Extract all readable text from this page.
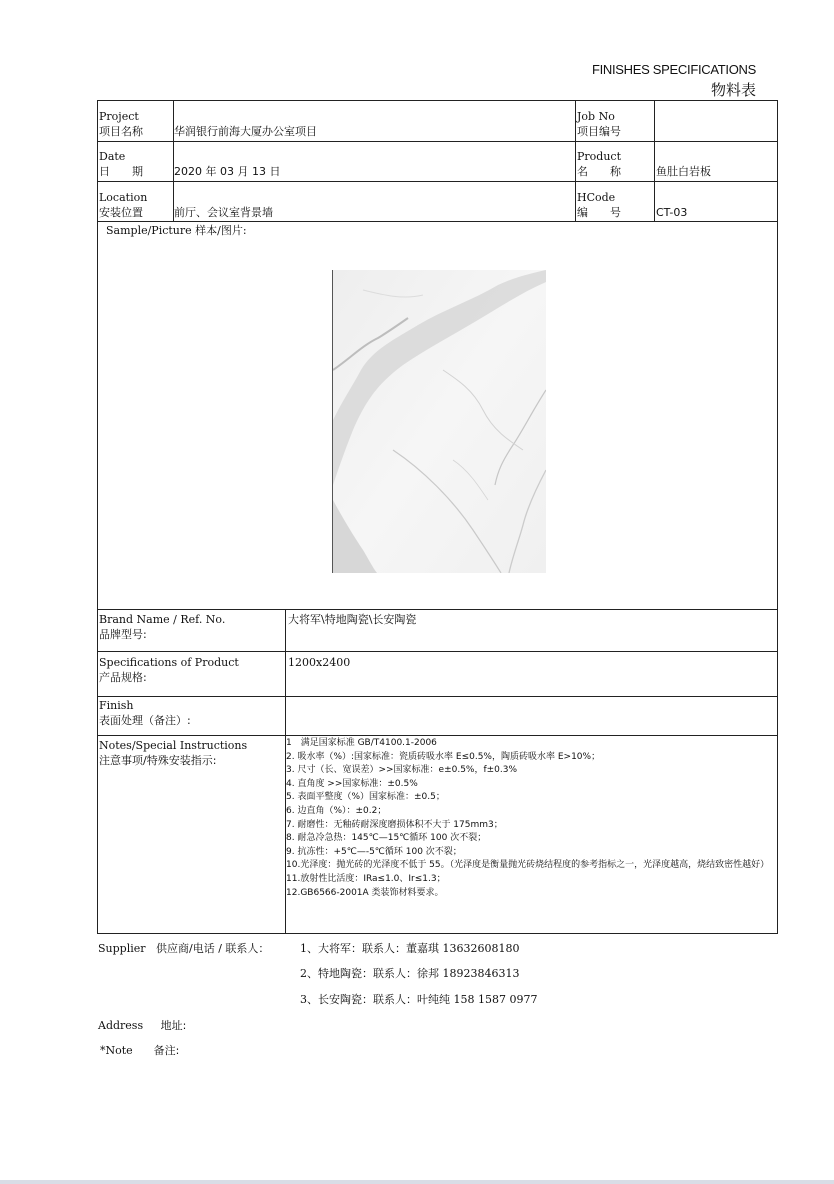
FINISHES SPECIFICATIONS
物料表
Project
项目名称	华润银行前海大厦办公室项目
Job No
项目编号
Date
日　　期	2020 年 03 月 13 日
Product
名　　称	鱼肚白岩板
Location
安装位置	前厅、会议室背景墙
HCode
编　　号	CT-03
Sample/Picture 样本/图片:
Brand Name / Ref. No.
品牌型号:
大将军\特地陶瓷\长安陶瓷
Specifications of Product
产品规格:
1200x2400
Finish
表面处理（备注）:
Notes/Special Instructions
注意事项/特殊安装指示:
1　满足国家标准 GB/T4100.1-2006
2. 吸水率（%）:国家标准：瓷质砖吸水率 E≤0.5%，陶质砖吸水率 E>10%；
3. 尺寸（长、宽误差）>>国家标准：e±0.5%，f±0.3%
4. 直角度 >>国家标准：±0.5%
5. 表面平整度（%）国家标准：±0.5；
6. 边直角（%）：±0.2；
7. 耐磨性：无釉砖耐深度磨损体积不大于 175mm3；
8. 耐急冷急热：145℃—15℃循环 100 次不裂；
9. 抗冻性：+5℃—-5℃循环 100 次不裂；
10.光泽度：抛光砖的光泽度不低于 55。（光泽度是衡量抛光砖烧结程度的参考指标之一，光泽度越高，烧结致密性越好）
11.放射性比活度：IRa≤1.0、Ir≤1.3；
12.GB6566-2001A 类装饰材料要求。
Supplier 供应商/电话 / 联系人：	1、大将军：联系人：董嘉琪 13632608180
2、特地陶瓷：联系人：徐邦 18923846313
3、长安陶瓷：联系人：叶纯纯 158 1587 0977
Address 地址:
*Note 备注:
